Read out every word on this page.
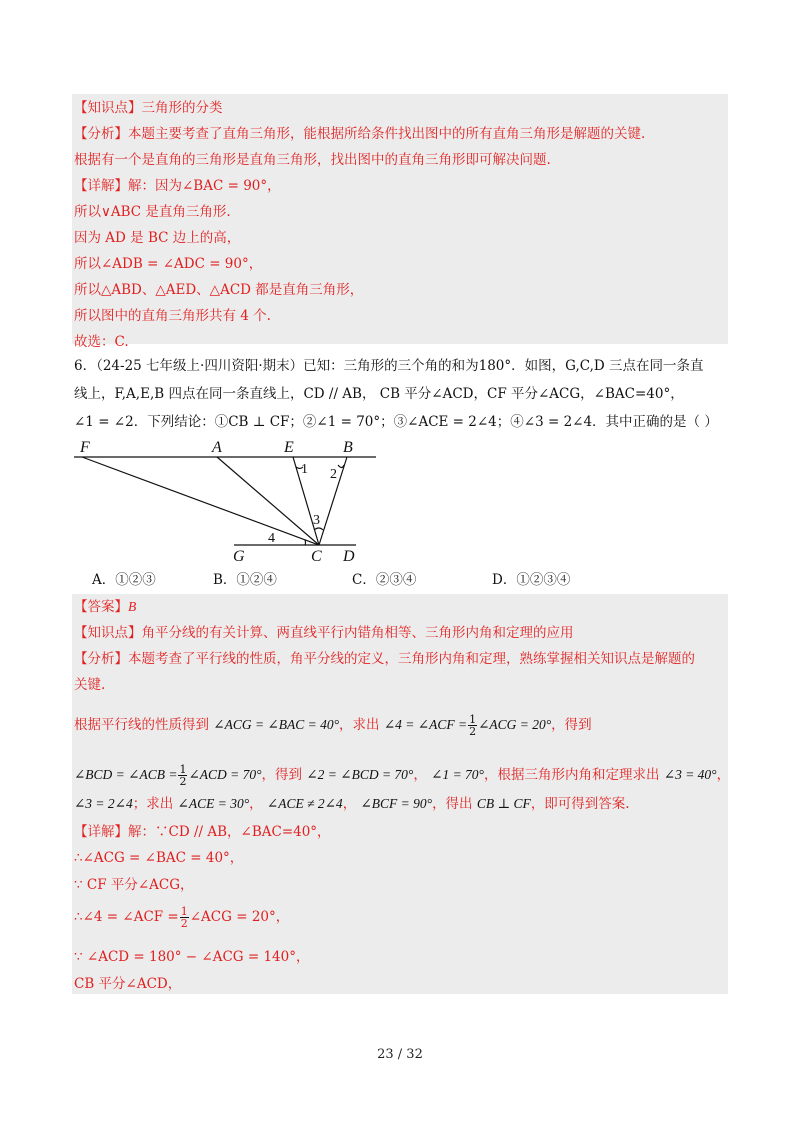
【知识点】三角形的分类
【分析】本题主要考查了直角三角形，能根据所给条件找出图中的所有直角三角形是解题的关键.
根据有一个是直角的三角形是直角三角形，找出图中的直角三角形即可解决问题.
【详解】解：因为∠BAC = 90°，
所以∨ABC 是直角三角形.
因为 AD 是 BC 边上的高，
所以∠ADB = ∠ADC = 90°，
所以△ABD、△AED、△ACD 都是直角三角形，
所以图中的直角三角形共有 4 个.
故选：C.
6．（24-25 七年级上·四川资阳·期末）已知：三角形的三个角的和为180°．如图，G,C,D 三点在同一条直
线上，F,A,E,B 四点在同一条直线上，CD // AB， CB 平分∠ACD，CF 平分∠ACG，∠BAC=40°，
∠1 = ∠2．下列结论：①CB ⊥ CF；②∠1 = 70°；③∠ACE = 2∠4；④∠3 = 2∠4．其中正确的是（ ）
F	A	E	B
G	C D
1 2
3
4
A．①②③	B．①②④	C．②③④	D．①②③④
【答案】B
【知识点】角平分线的有关计算、两直线平行内错角相等、三角形内角和定理的应用
【分析】本题考查了平行线的性质，角平分线的定义，三角形内角和定理，熟练掌握相关知识点是解题的
关键.
根据平行线的性质得到 ∠ACG = ∠BAC = 40°，求出 ∠4 = ∠ACF = $\frac{1}{2}$ ∠ACG = 20°，得到
∠BCD = ∠ACB = $\frac{1}{2}$ ∠ACD = 70°，得到 ∠2 = ∠BCD = 70°， ∠1 = 70°，根据三角形内角和定理求出 ∠3 = 40°，
∠3 = 2∠4；求出 ∠ACE = 30°， ∠ACE ≠ 2∠4， ∠BCF = 90°，得出 CB ⊥ CF，即可得到答案.
【详解】解：∵CD // AB，∠BAC=40°，
∴∠ACG = ∠BAC = 40°，
∵ CF 平分∠ACG，
∴∠4 = ∠ACF = $\frac{1}{2}$ ∠ACG = 20°，
∵ ∠ACD = 180° − ∠ACG = 140°，
CB 平分∠ACD，
23 / 32
